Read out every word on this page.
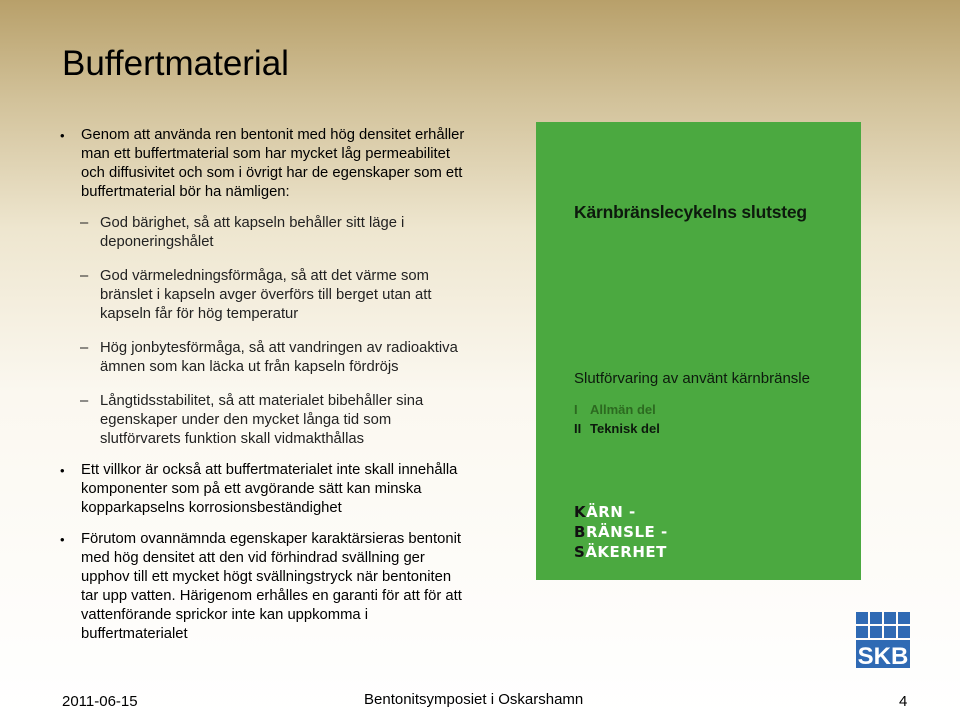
Buffertmaterial
• Genom att använda ren bentonit med hög densitet erhåller man ett buffertmaterial som har mycket låg permeabilitet och diffusivitet och som i övrigt har de egenskaper som ett buffertmaterial bör ha nämligen:
– God bärighet, så att kapseln behåller sitt läge i deponeringshålet
– God värmeledningsförmåga, så att det värme som bränslet i kapseln avger överförs till berget utan att kapseln får för hög temperatur
– Hög jonbytesförmåga, så att vandringen av radioaktiva ämnen som kan läcka ut från kapseln fördröjs
– Långtidsstabilitet, så att materialet bibehåller sina egenskaper under den mycket långa tid som slutförvarets funktion skall vidmakthållas
• Ett villkor är också att buffertmaterialet inte skall innehålla komponenter som på ett avgörande sätt kan minska kopparkapselns korrosionsbeständighet
• Förutom ovannämnda egenskaper karaktärsieras bentonit med hög densitet att den vid förhindrad svällning ger upphov till ett mycket högt svällningstryck när bentoniten tar upp vatten. Härigenom erhålles en garanti för att för att vattenförande sprickor inte kan uppkomma i buffertmaterialet
Kärnbränslecykelns slutsteg
Slutförvaring av använt kärnbränsle
I Allmän del
II Teknisk del
KÄRN -
BRÄNSLE -
SÄKERHET
SKB
2011-06-15	Bentonitsymposiet i Oskarshamn	4
